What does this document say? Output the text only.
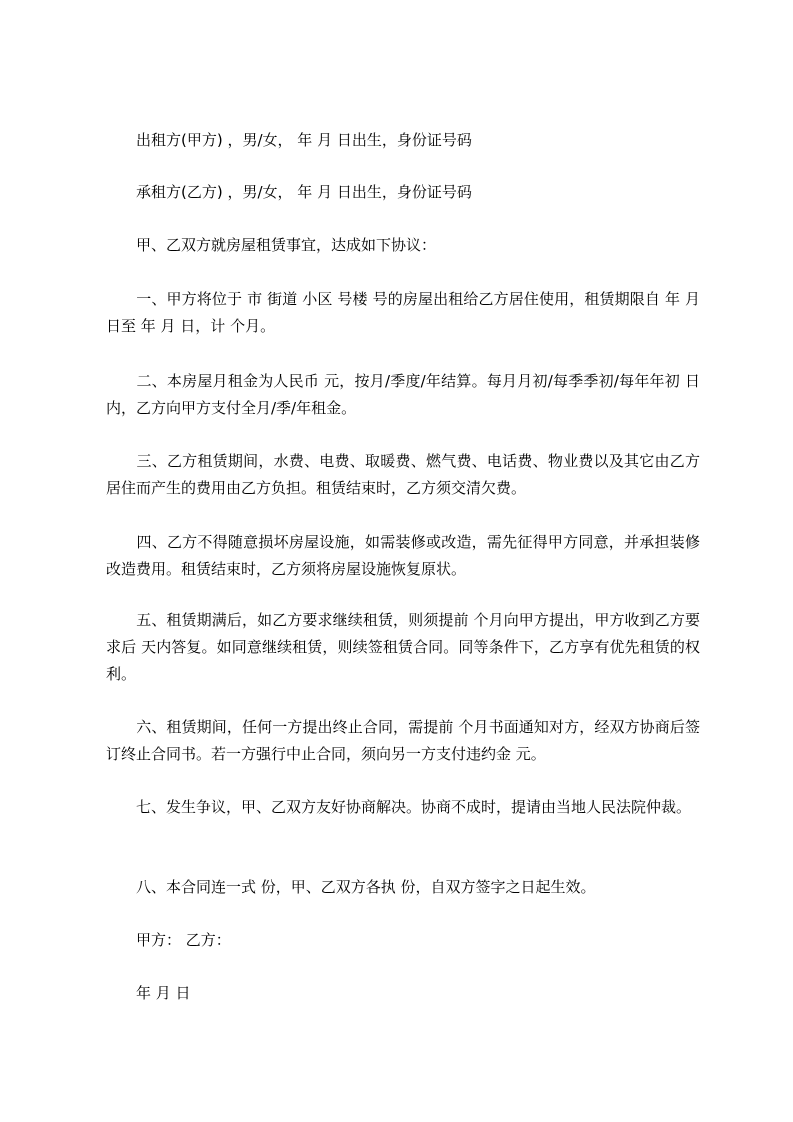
　　出租方(甲方) ，男/女， 年 月 日出生，身份证号码

　　承租方(乙方) ，男/女， 年 月 日出生，身份证号码

　　甲、乙双方就房屋租赁事宜，达成如下协议：

　　一、甲方将位于 市 街道 小区 号楼 号的房屋出租给乙方居住使用，租赁期限自 年 月 日至 年 月 日，计 个月。

　　二、本房屋月租金为人民币 元，按月/季度/年结算。每月月初/每季季初/每年年初 日内，乙方向甲方支付全月/季/年租金。

　　三、乙方租赁期间，水费、电费、取暖费、燃气费、电话费、物业费以及其它由乙方居住而产生的费用由乙方负担。租赁结束时，乙方须交清欠费。

　　四、乙方不得随意损坏房屋设施，如需装修或改造，需先征得甲方同意，并承担装修改造费用。租赁结束时，乙方须将房屋设施恢复原状。

　　五、租赁期满后，如乙方要求继续租赁，则须提前 个月向甲方提出，甲方收到乙方要求后 天内答复。如同意继续租赁，则续签租赁合同。同等条件下，乙方享有优先租赁的权利。

　　六、租赁期间，任何一方提出终止合同，需提前 个月书面通知对方，经双方协商后签订终止合同书。若一方强行中止合同，须向另一方支付违约金 元。

　　七、发生争议，甲、乙双方友好协商解决。协商不成时，提请由当地人民法院仲裁。

　　八、本合同连一式 份，甲、乙双方各执 份，自双方签字之日起生效。

　　甲方： 乙方：

　　年 月 日
